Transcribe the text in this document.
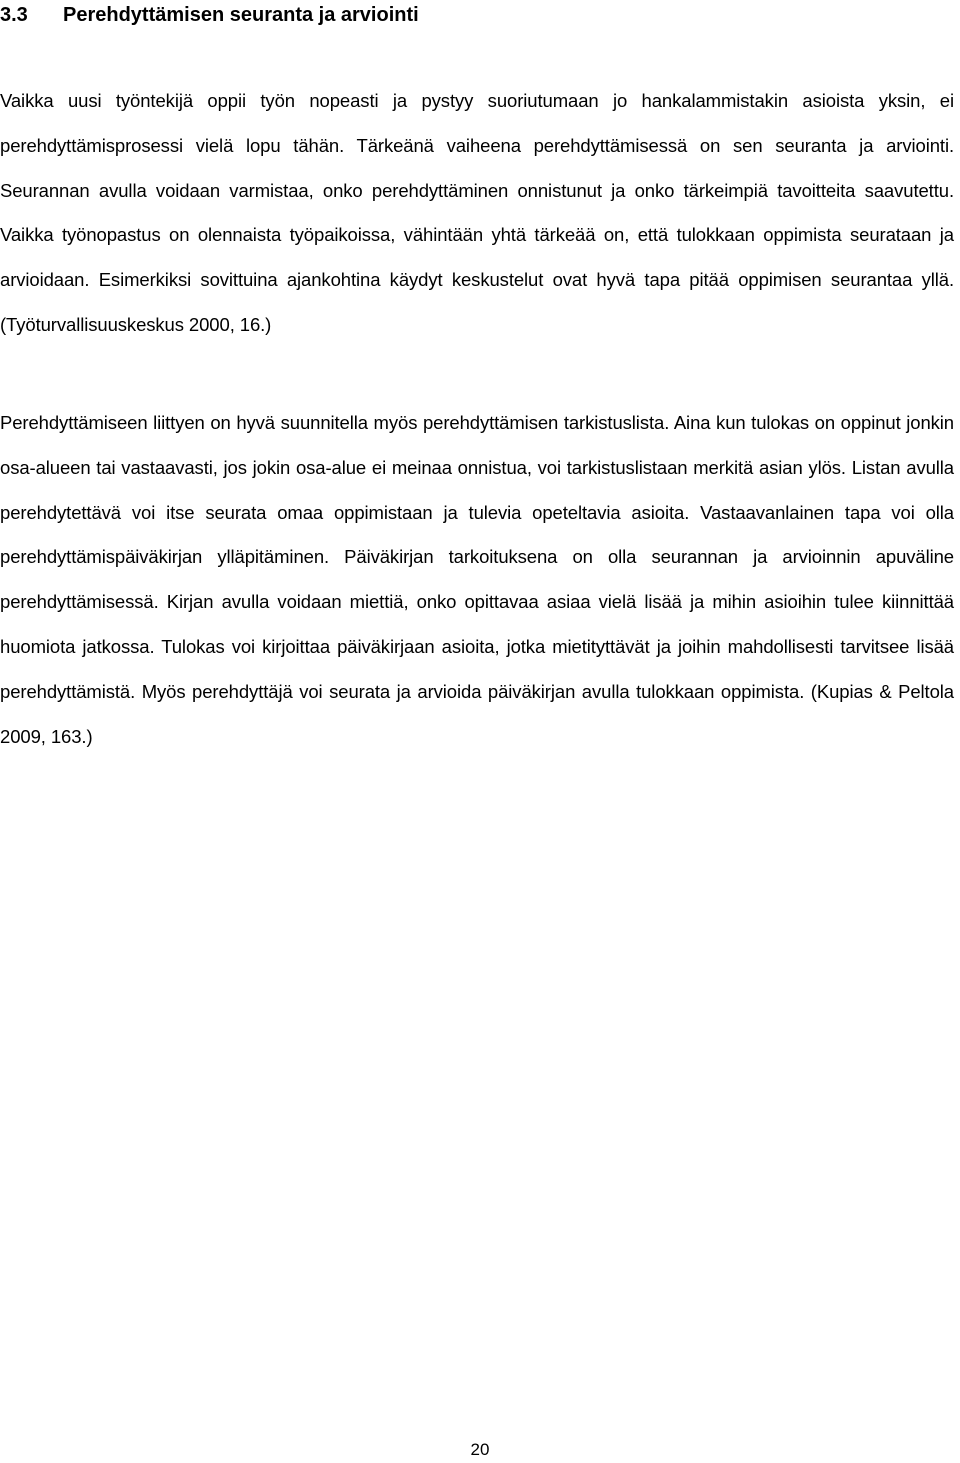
3.3 Perehdyttämisen seuranta ja arviointi

Vaikka uusi työntekijä oppii työn nopeasti ja pystyy suoriutumaan jo hankalammistakin asioista yksin, ei perehdyttämisprosessi vielä lopu tähän. Tärkeänä vaiheena perehdyttämisessä on sen seuranta ja arviointi. Seurannan avulla voidaan varmistaa, onko perehdyttäminen onnistunut ja onko tärkeimpiä tavoitteita saavutettu. Vaikka työnopastus on olennaista työpaikoissa, vähintään yhtä tärkeää on, että tulokkaan oppimista seurataan ja arvioidaan. Esimerkiksi sovittuina ajankohtina käydyt keskustelut ovat hyvä tapa pitää oppimisen seurantaa yllä. (Työturvallisuuskeskus 2000, 16.)

Perehdyttämiseen liittyen on hyvä suunnitella myös perehdyttämisen tarkistuslista. Aina kun tulokas on oppinut jonkin osa-alueen tai vastaavasti, jos jokin osa-alue ei meinaa onnistua, voi tarkistuslistaan merkitä asian ylös. Listan avulla perehdytettävä voi itse seurata omaa oppimistaan ja tulevia opeteltavia asioita. Vastaavanlainen tapa voi olla perehdyttämispäiväkirjan ylläpitäminen. Päiväkirjan tarkoituksena on olla seurannan ja arvioinnin apuväline perehdyttämisessä. Kirjan avulla voidaan miettiä, onko opittavaa asiaa vielä lisää ja mihin asioihin tulee kiinnittää huomiota jatkossa. Tulokas voi kirjoittaa päiväkirjaan asioita, jotka mietityttävät ja joihin mahdollisesti tarvitsee lisää perehdyttämistä. Myös perehdyttäjä voi seurata ja arvioida päiväkirjan avulla tulokkaan oppimista. (Kupias & Peltola 2009, 163.)

20
